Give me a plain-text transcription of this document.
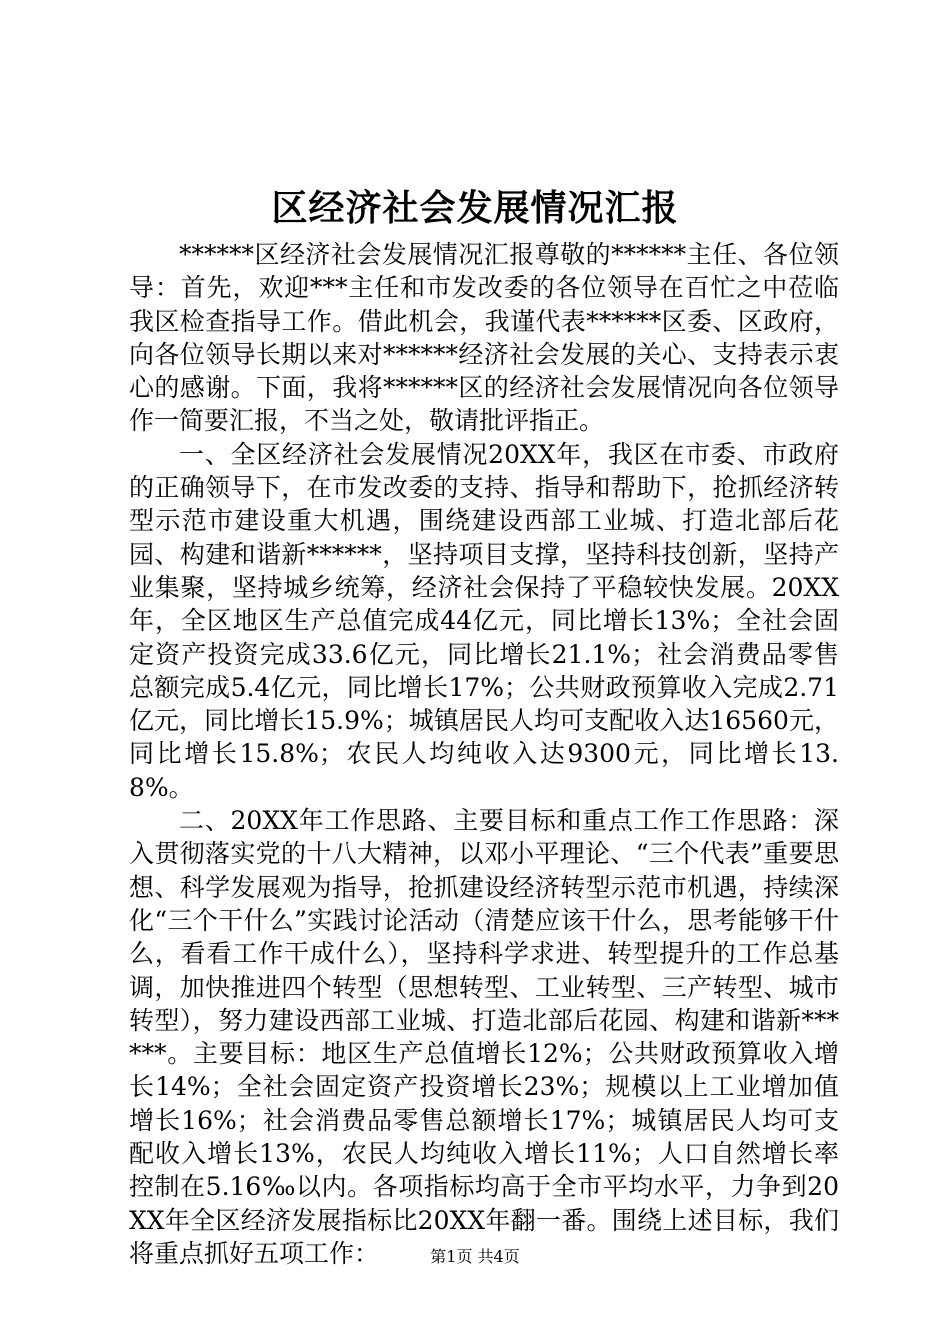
区经济社会发展情况汇报

******区经济社会发展情况汇报尊敬的******主任、各位领导：首先，欢迎***主任和市发改委的各位领导在百忙之中莅临我区检查指导工作。借此机会，我谨代表******区委、区政府，向各位领导长期以来对******经济社会发展的关心、支持表示衷心的感谢。下面，我将******区的经济社会发展情况向各位领导作一简要汇报，不当之处，敬请批评指正。

一、全区经济社会发展情况20XX年，我区在市委、市政府的正确领导下，在市发改委的支持、指导和帮助下，抢抓经济转型示范市建设重大机遇，围绕建设西部工业城、打造北部后花园、构建和谐新******，坚持项目支撑，坚持科技创新，坚持产业集聚，坚持城乡统筹，经济社会保持了平稳较快发展。20XX年，全区地区生产总值完成44亿元，同比增长13%；全社会固定资产投资完成33.6亿元，同比增长21.1%；社会消费品零售总额完成5.4亿元，同比增长17%；公共财政预算收入完成2.71亿元，同比增长15.9%；城镇居民人均可支配收入达16560元，同比增长15.8%；农民人均纯收入达9300元，同比增长13.8%。

二、20XX年工作思路、主要目标和重点工作工作思路：深入贯彻落实党的十八大精神，以邓小平理论、“三个代表”重要思想、科学发展观为指导，抢抓建设经济转型示范市机遇，持续深化“三个干什么”实践讨论活动（清楚应该干什么，思考能够干什么，看看工作干成什么），坚持科学求进、转型提升的工作总基调，加快推进四个转型（思想转型、工业转型、三产转型、城市转型），努力建设西部工业城、打造北部后花园、构建和谐新******。主要目标：地区生产总值增长12%；公共财政预算收入增长14%；全社会固定资产投资增长23%；规模以上工业增加值增长16%；社会消费品零售总额增长17%；城镇居民人均可支配收入增长13%，农民人均纯收入增长11%；人口自然增长率控制在5.16‰以内。各项指标均高于全市平均水平，力争到20XX年全区经济发展指标比20XX年翻一番。围绕上述目标，我们将重点抓好五项工作：	第1页 共4页
